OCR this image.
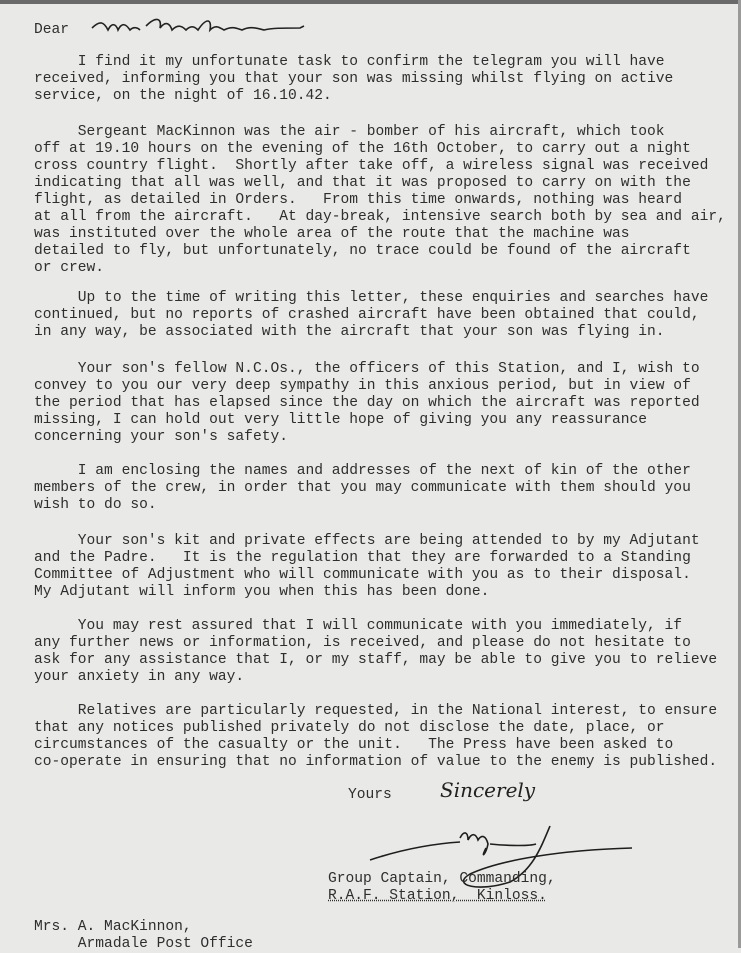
Dear
I find it my unfortunate task to confirm the telegram you will have
received, informing you that your son was missing whilst flying on active
service, on the night of 16.10.42.
Sergeant MacKinnon was the air - bomber of his aircraft, which took
off at 19.10 hours on the evening of the 16th October, to carry out a night
cross country flight.  Shortly after take off, a wireless signal was received
indicating that all was well, and that it was proposed to carry on with the
flight, as detailed in Orders.   From this time onwards, nothing was heard
at all from the aircraft.   At day-break, intensive search both by sea and air,
was instituted over the whole area of the route that the machine was
detailed to fly, but unfortunately, no trace could be found of the aircraft
or crew.
Up to the time of writing this letter, these enquiries and searches have
continued, but no reports of crashed aircraft have been obtained that could,
in any way, be associated with the aircraft that your son was flying in.
Your son's fellow N.C.Os., the officers of this Station, and I, wish to
convey to you our very deep sympathy in this anxious period, but in view of
the period that has elapsed since the day on which the aircraft was reported
missing, I can hold out very little hope of giving you any reassurance
concerning your son's safety.
I am enclosing the names and addresses of the next of kin of the other
members of the crew, in order that you may communicate with them should you
wish to do so.
Your son's kit and private effects are being attended to by my Adjutant
and the Padre.   It is the regulation that they are forwarded to a Standing
Committee of Adjustment who will communicate with you as to their disposal.
My Adjutant will inform you when this has been done.
You may rest assured that I will communicate with you immediately, if
any further news or information, is received, and please do not hesitate to
ask for any assistance that I, or my staff, may be able to give you to relieve
your anxiety in any way.
Relatives are particularly requested, in the National interest, to ensure
that any notices published privately do not disclose the date, place, or
circumstances of the casualty or the unit.   The Press have been asked to
co-operate in ensuring that no information of value to the enemy is published.
Yours Sincerely
Group Captain, Commanding,
R.A.F. Station,  Kinloss.
Mrs. A. MacKinnon,
Armadale Post Office
